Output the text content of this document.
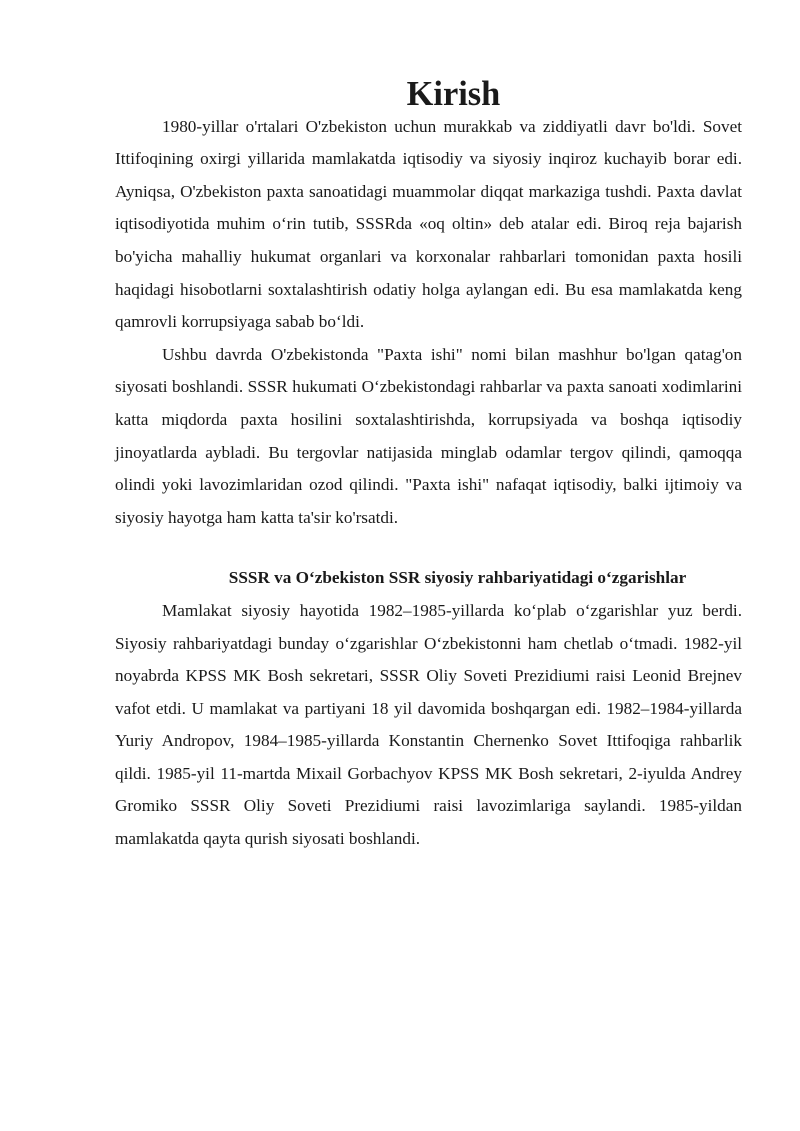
Kirish

1980-yillar o'rtalari O'zbekiston uchun murakkab va ziddiyatli davr bo'ldi. Sovet Ittifoqining oxirgi yillarida mamlakatda iqtisodiy va siyosiy inqiroz kuchayib borar edi. Ayniqsa, O'zbekiston paxta sanoatidagi muammolar diqqat markaziga tushdi. Paxta davlat iqtisodiyotida muhim o‘rin tutib, SSSRda «oq oltin» deb atalar edi. Biroq reja bajarish bo'yicha mahalliy hukumat organlari va korxonalar rahbarlari tomonidan paxta hosili haqidagi hisobotlarni soxtalashtirish odatiy holga aylangan edi. Bu esa mamlakatda keng qamrovli korrupsiyaga sabab bo‘ldi.

Ushbu davrda O'zbekistonda "Paxta ishi" nomi bilan mashhur bo'lgan qatag'on siyosati boshlandi. SSSR hukumati O‘zbekistondagi rahbarlar va paxta sanoati xodimlarini katta miqdorda paxta hosilini soxtalashtirishda, korrupsiyada va boshqa iqtisodiy jinoyatlarda aybladi. Bu tergovlar natijasida minglab odamlar tergov qilindi, qamoqqa olindi yoki lavozimlaridan ozod qilindi. "Paxta ishi" nafaqat iqtisodiy, balki ijtimoiy va siyosiy hayotga ham katta ta'sir ko'rsatdi.

SSSR va O‘zbekiston SSR siyosiy rahbariyatidagi o‘zgarishlar

Mamlakat siyosiy hayotida 1982–1985-yillarda ko‘plab o‘zgarishlar yuz berdi. Siyosiy rahbariyatdagi bunday o‘zgarishlar O‘zbekistonni ham chetlab o‘tmadi. 1982-yil noyabrda KPSS MK Bosh sekretari, SSSR Oliy Soveti Prezidiumi raisi Leonid Brejnev vafot etdi. U mamlakat va partiyani 18 yil davomida boshqargan edi. 1982–1984-yillarda Yuriy Andropov, 1984–1985-yillarda Konstantin Chernenko Sovet Ittifoqiga rahbarlik qildi. 1985-yil 11-martda Mixail Gorbachyov KPSS MK Bosh sekretari, 2-iyulda Andrey Gromiko SSSR Oliy Soveti Prezidiumi raisi lavozimlariga saylandi. 1985-yildan mamlakatda qayta qurish siyosati boshlandi.
